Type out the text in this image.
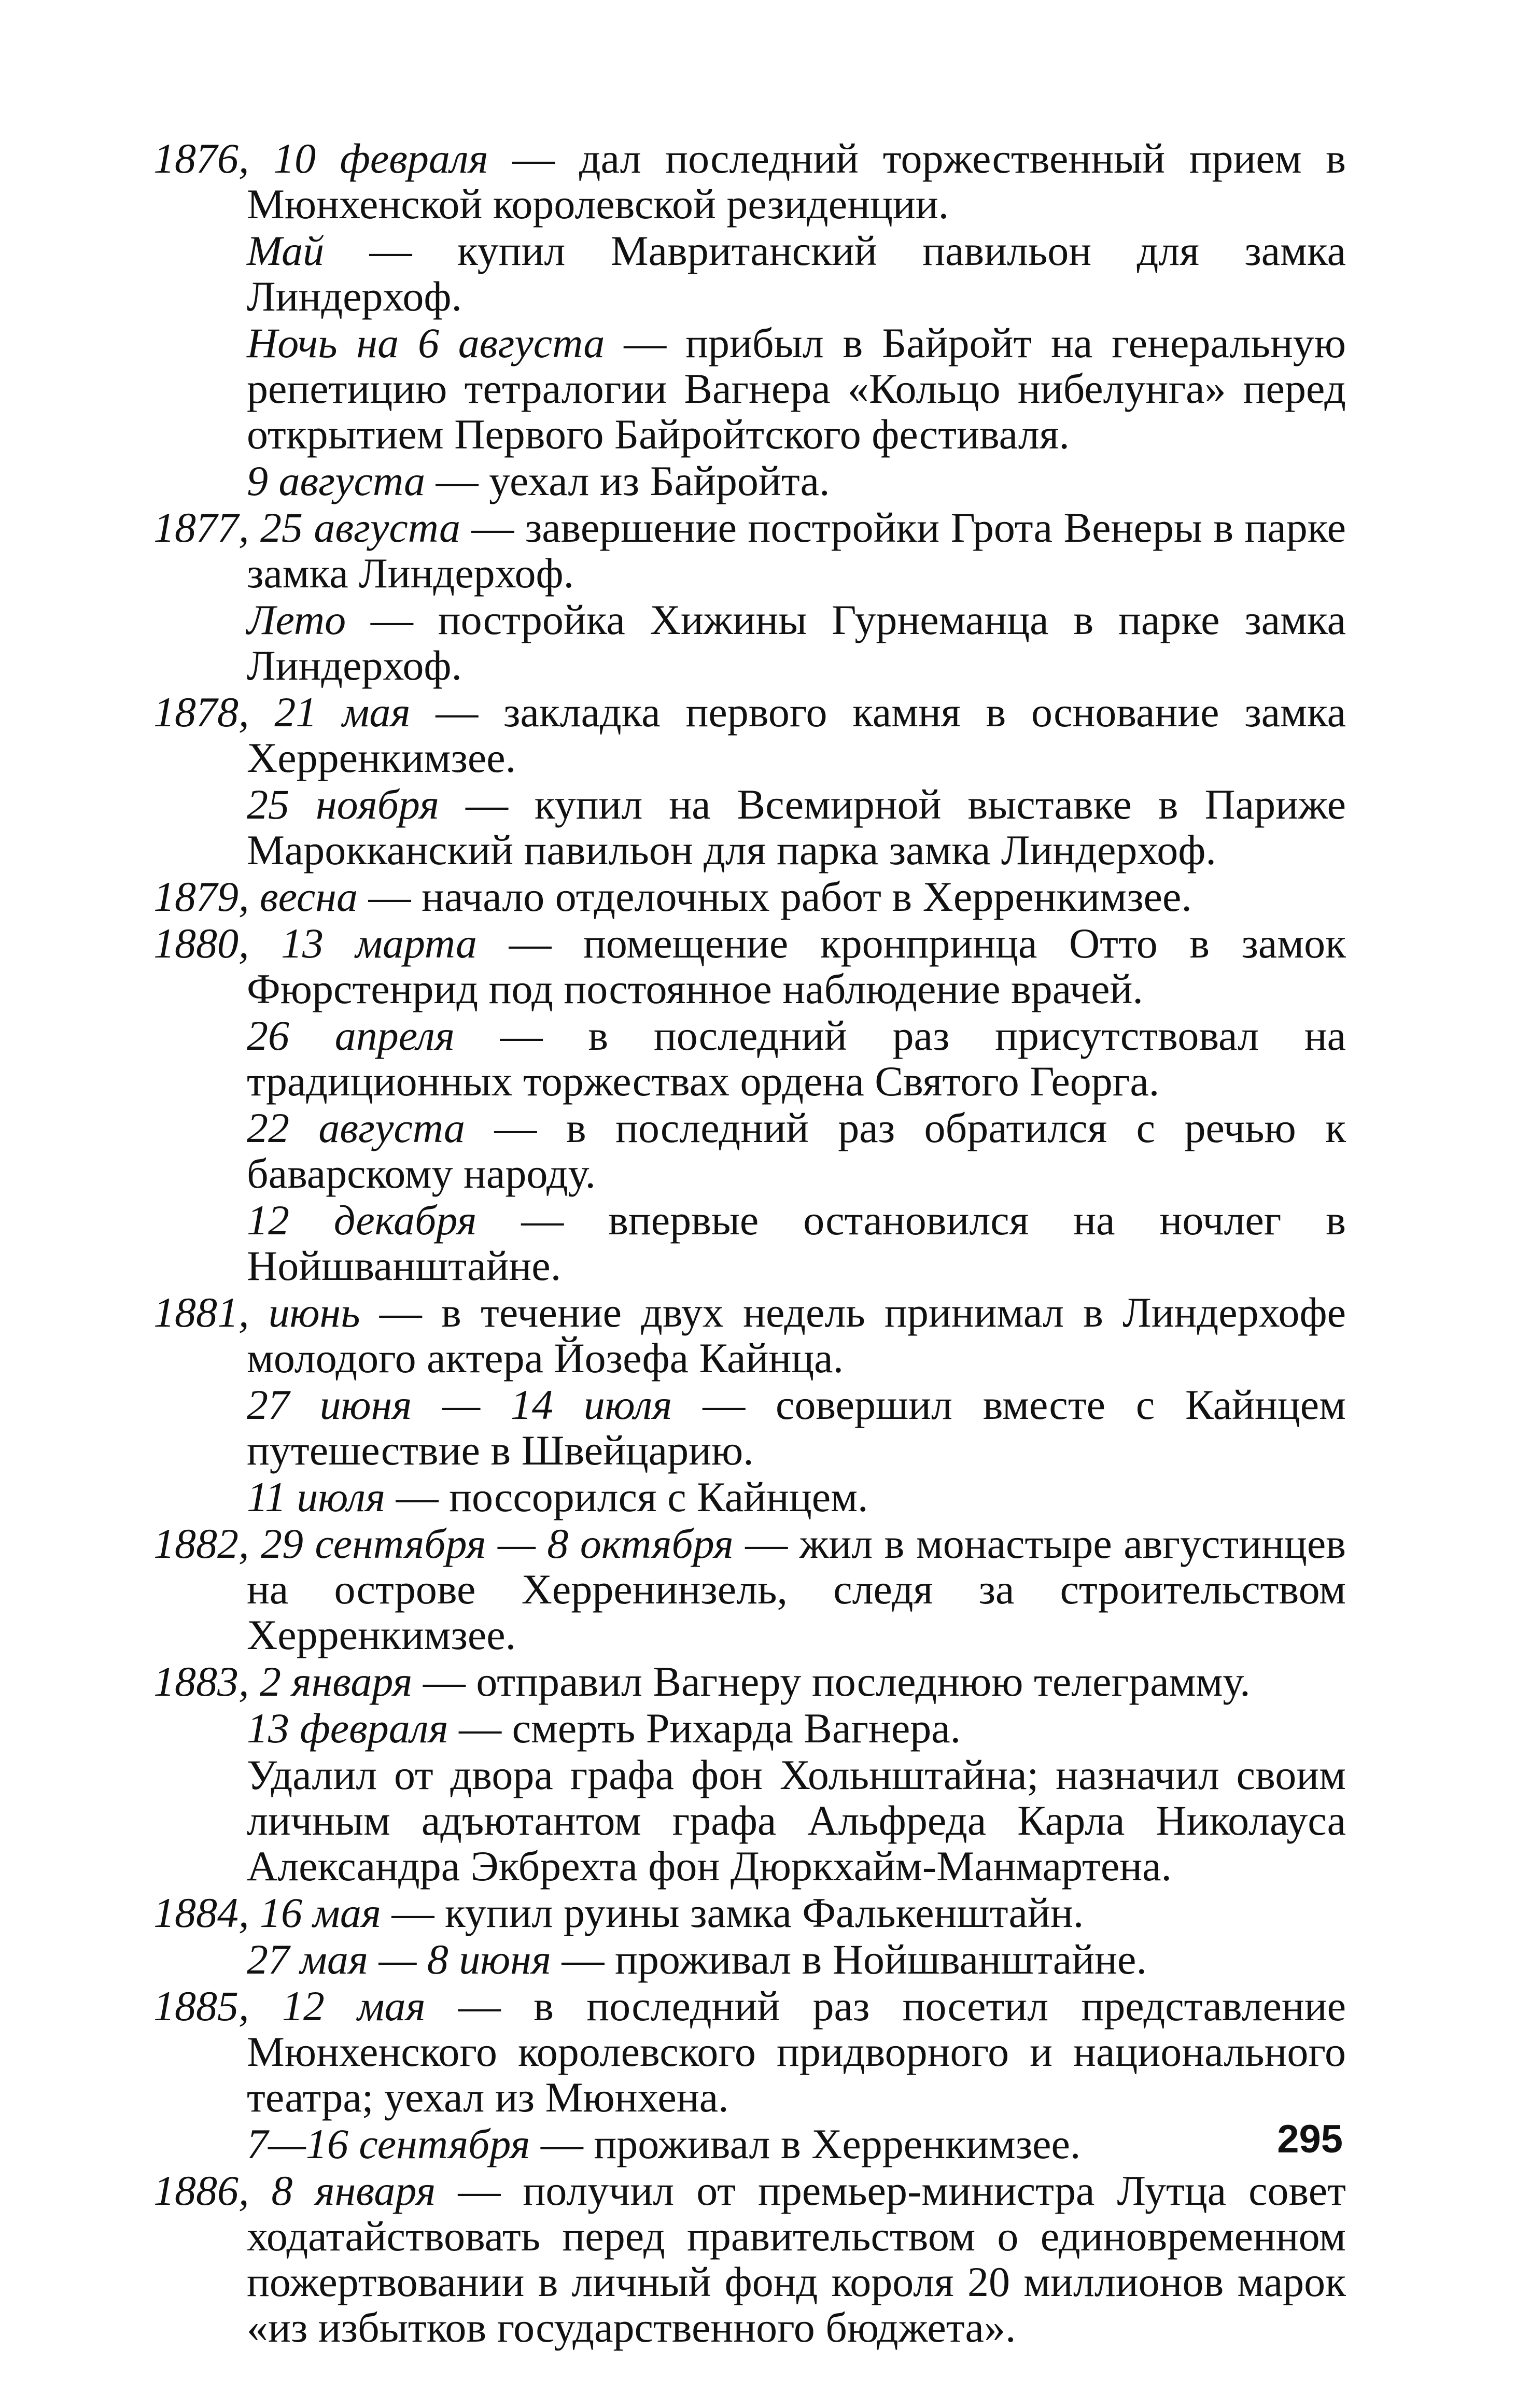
1876, 10 февраля — дал последний торжественный прием в Мюнхенской королевской резиденции.

Май — купил Мавританский павильон для замка Линдерхоф.

Ночь на 6 августа — прибыл в Байройт на генеральную репетицию тетралогии Вагнера «Кольцо нибелунга» перед открытием Первого Байройтского фестиваля.

9 августа — уехал из Байройта.

1877, 25 августа — завершение постройки Грота Венеры в парке замка Линдерхоф.

Лето — постройка Хижины Гурнеманца в парке замка Линдерхоф.

1878, 21 мая — закладка первого камня в основание замка Херренкимзее.

25 ноября — купил на Всемирной выставке в Париже Марокканский павильон для парка замка Линдерхоф.

1879, весна — начало отделочных работ в Херренкимзее.

1880, 13 марта — помещение кронпринца Отто в замок Фюрстенрид под постоянное наблюдение врачей.

26 апреля — в последний раз присутствовал на традиционных торжествах ордена Святого Георга.

22 августа — в последний раз обратился с речью к баварскому народу.

12 декабря — впервые остановился на ночлег в Нойшванштайне.

1881, июнь — в течение двух недель принимал в Линдерхофе молодого актера Йозефа Кайнца.

27 июня — 14 июля — совершил вместе с Кайнцем путешествие в Швейцарию.

11 июля — поссорился с Кайнцем.

1882, 29 сентября — 8 октября — жил в монастыре августинцев на острове Херренинзель, следя за строительством Херренкимзее.

1883, 2 января — отправил Вагнеру последнюю телеграмму.

13 февраля — смерть Рихарда Вагнера.

Удалил от двора графа фон Хольнштайна; назначил своим личным адъютантом графа Альфреда Карла Николауса Александра Экбрехта фон Дюркхайм-Манмартена.

1884, 16 мая — купил руины замка Фалькенштайн.

27 мая — 8 июня — проживал в Нойшванштайне.

1885, 12 мая — в последний раз посетил представление Мюнхенского королевского придворного и национального театра; уехал из Мюнхена.

7—16 сентября — проживал в Херренкимзее.

1886, 8 января — получил от премьер-министра Лутца совет ходатайствовать перед правительством о единовременном пожертвовании в личный фонд короля 20 миллионов марок «из избытков государственного бюджета».

295
